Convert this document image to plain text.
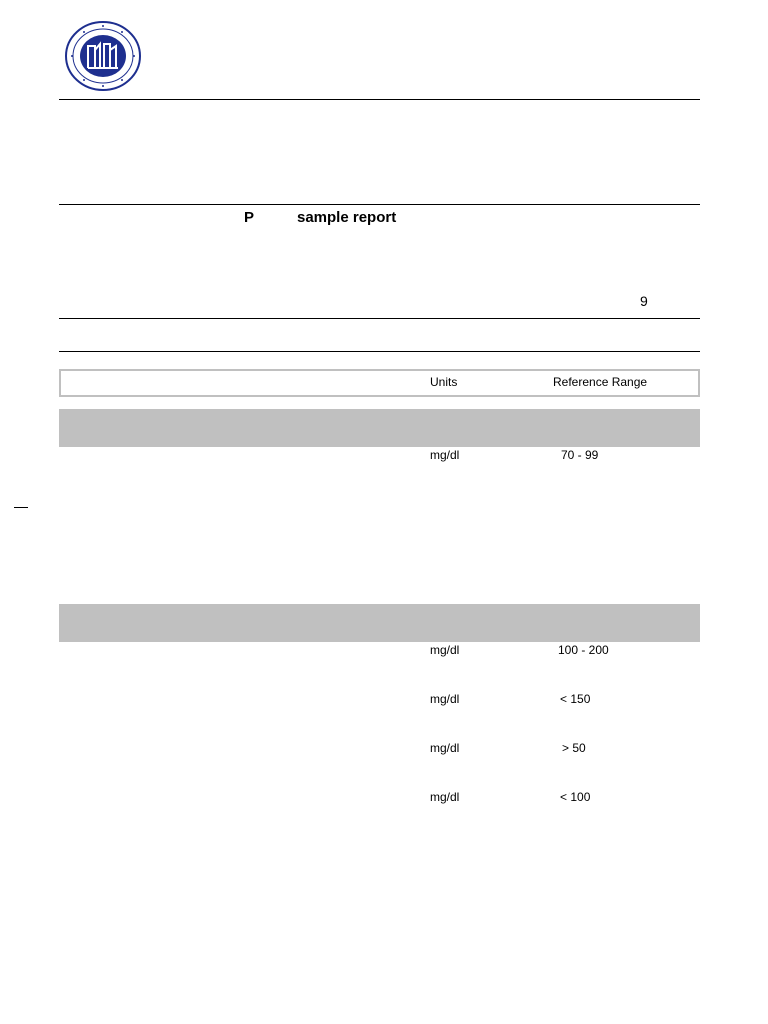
P	sample report
9
Units	Reference Range
mg/dl	70 - 99
mg/dl	100 - 200
mg/dl	< 150
mg/dl	> 50
mg/dl	< 100
